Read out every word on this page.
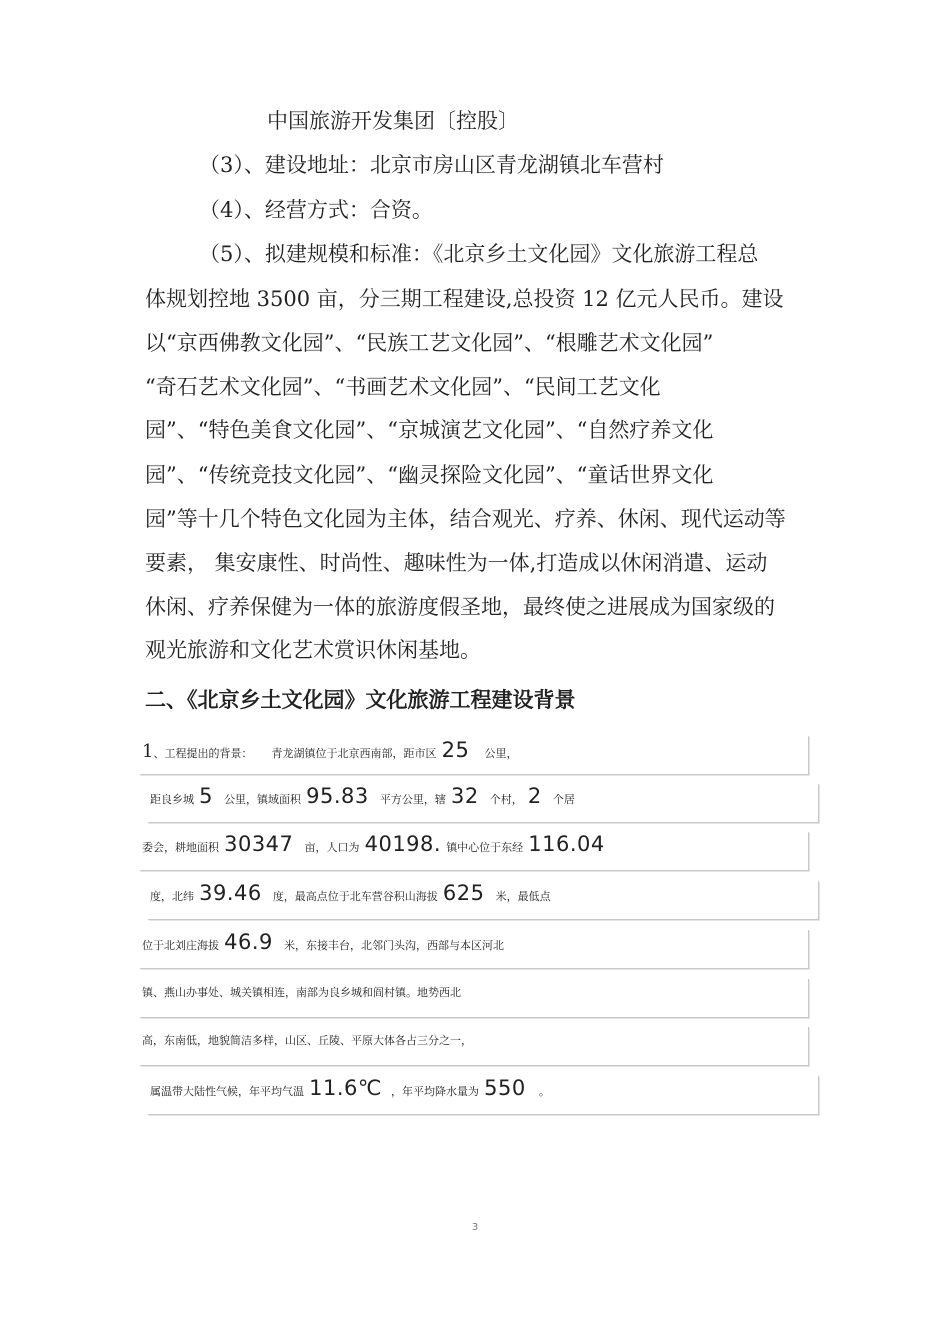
中国旅游开发集团〔控股〕
（3）、建设地址：北京市房山区青龙湖镇北车营村
（4）、经营方式：合资。
（5）、拟建规模和标准：《北京乡土文化园》文化旅游工程总
体规划控地 3500 亩，分三期工程建设,总投资 12 亿元人民币。建设
以“京西佛教文化园”、“民族工艺文化园”、“根雕艺术文化园”
“奇石艺术文化园”、“书画艺术文化园”、“民间工艺文化
园”、“特色美食文化园”、“京城演艺文化园”、“自然疗养文化
园”、“传统竞技文化园”、“幽灵探险文化园”、“童话世界文化
园”等十几个特色文化园为主体，结合观光、疗养、休闲、现代运动等
要素， 集安康性、时尚性、趣味性为一体,打造成以休闲消遣、运动
休闲、疗养保健为一体的旅游度假圣地，最终使之进展成为国家级的
观光旅游和文化艺术赏识休闲基地。
二、《北京乡土文化园》文化旅游工程建设背景
1、工程提出的背景： 青龙湖镇位于北京西南部，距市区 25 公里，
距良乡城 5 公里，镇域面积 95.83 平方公里，辖 32 个村， 2 个居
委会，耕地面积 30347 亩，人口为 40198. 镇中心位于东经 116.04
度，北纬 39.46 度，最高点位于北车营谷积山海拔 625 米，最低点
位于北刘庄海拔 46.9 米，东接丰台，北邻门头沟，西部与本区河北
镇、燕山办事处、城关镇相连，南部为良乡城和阎村镇。地势西北
高，东南低，地貌简洁多样，山区、丘陵、平原大体各占三分之一，
属温带大陆性气候，年平均气温 11.6℃ ，年平均降水量为 550 。
3
